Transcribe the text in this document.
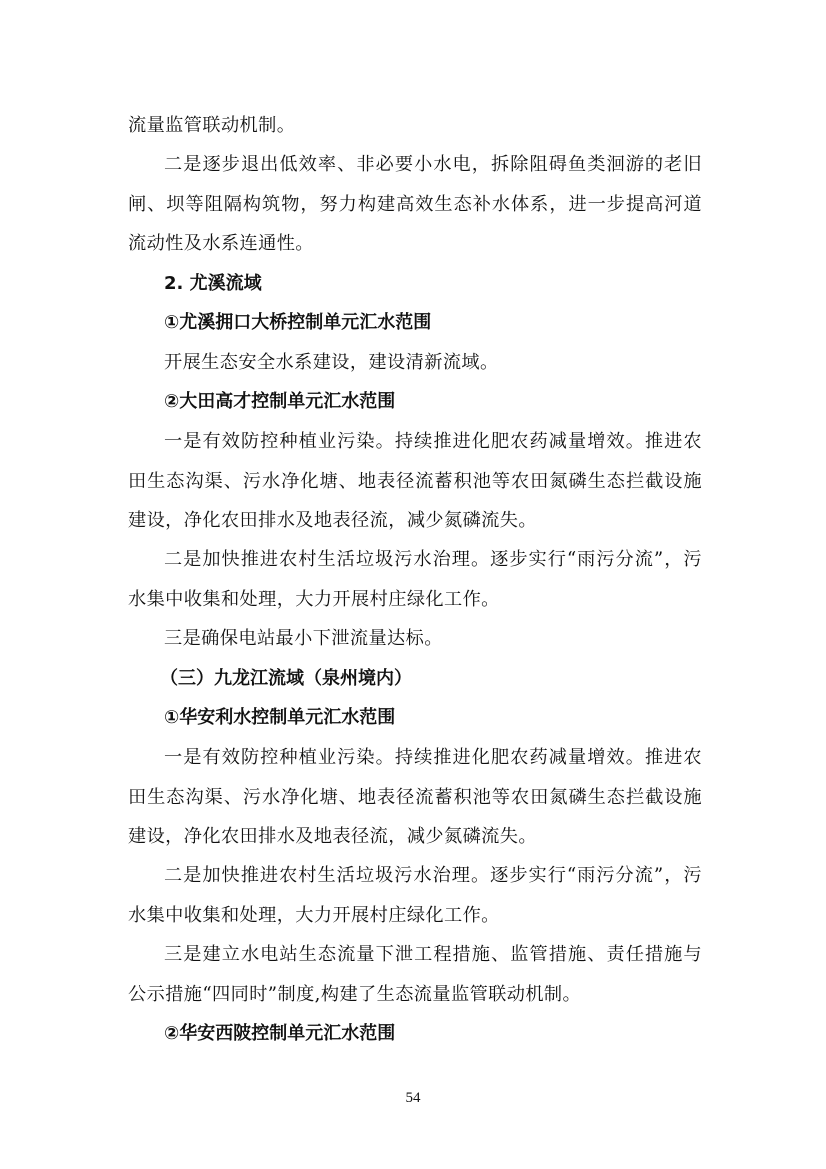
流量监管联动机制。
二是逐步退出低效率、非必要小水电，拆除阻碍鱼类洄游的老旧闸、坝等阻隔构筑物，努力构建高效生态补水体系，进一步提高河道流动性及水系连通性。
2. 尤溪流域
①尤溪拥口大桥控制单元汇水范围
开展生态安全水系建设，建设清新流域。
②大田高才控制单元汇水范围
一是有效防控种植业污染。持续推进化肥农药减量增效。推进农田生态沟渠、污水净化塘、地表径流蓄积池等农田氮磷生态拦截设施建设，净化农田排水及地表径流，减少氮磷流失。
二是加快推进农村生活垃圾污水治理。逐步实行“雨污分流”，污水集中收集和处理，大力开展村庄绿化工作。
三是确保电站最小下泄流量达标。
（三）九龙江流域（泉州境内）
①华安利水控制单元汇水范围
一是有效防控种植业污染。持续推进化肥农药减量增效。推进农田生态沟渠、污水净化塘、地表径流蓄积池等农田氮磷生态拦截设施建设，净化农田排水及地表径流，减少氮磷流失。
二是加快推进农村生活垃圾污水治理。逐步实行“雨污分流”，污水集中收集和处理，大力开展村庄绿化工作。
三是建立水电站生态流量下泄工程措施、监管措施、责任措施与公示措施“四同时”制度,构建了生态流量监管联动机制。
②华安西陂控制单元汇水范围
54
